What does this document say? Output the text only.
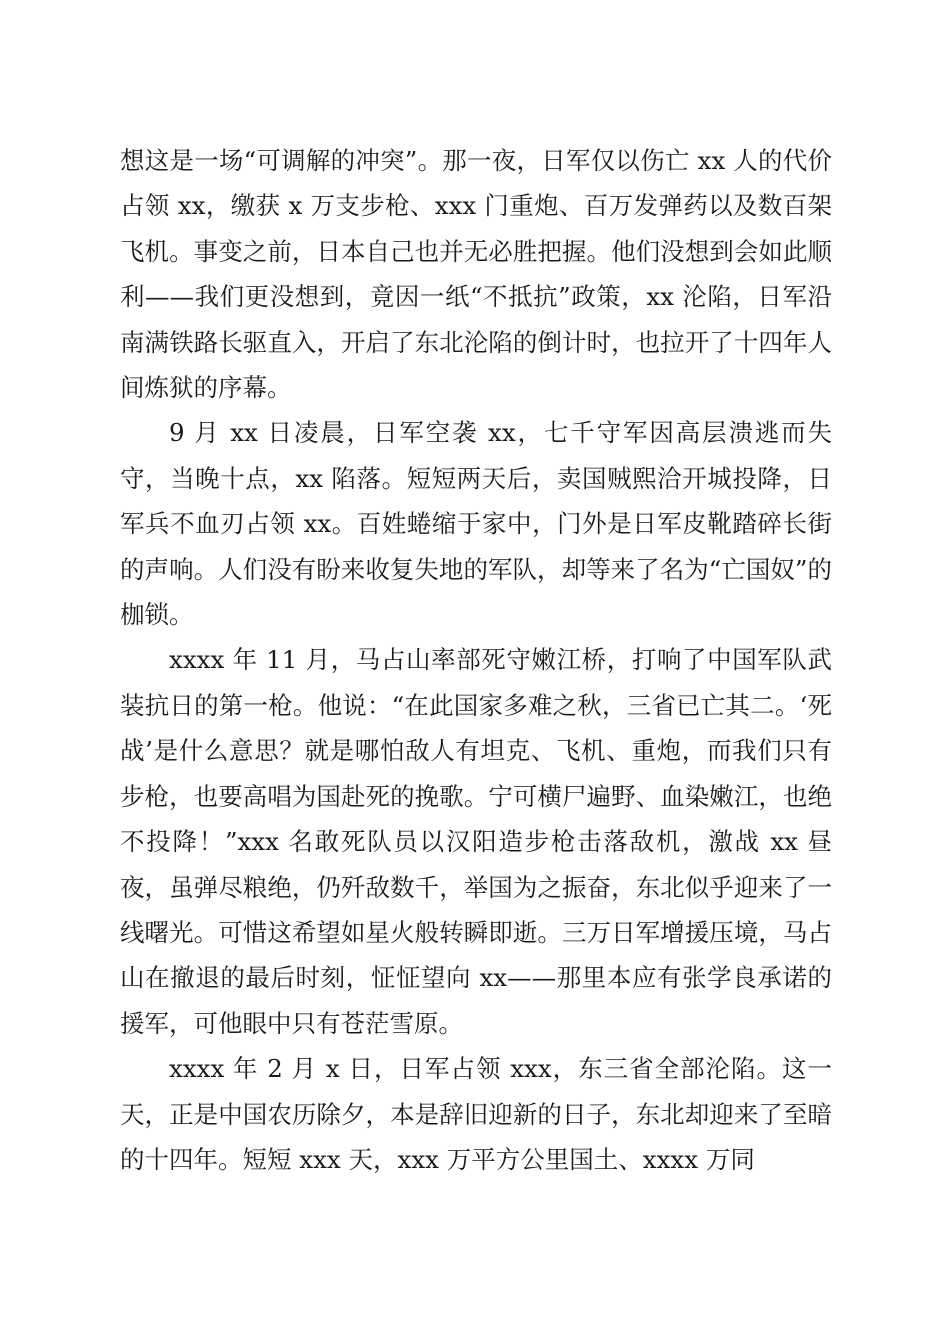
想这是一场“可调解的冲突”。那一夜，日军仅以伤亡 xx 人的代价占领 xx，缴获 x 万支步枪、xxx 门重炮、百万发弹药以及数百架飞机。事变之前，日本自己也并无必胜把握。他们没想到会如此顺利——我们更没想到，竟因一纸“不抵抗”政策，xx 沦陷，日军沿南满铁路长驱直入，开启了东北沦陷的倒计时，也拉开了十四年人间炼狱的序幕。

9 月 xx 日凌晨，日军空袭 xx，七千守军因高层溃逃而失守，当晚十点，xx 陷落。短短两天后，卖国贼熙洽开城投降，日军兵不血刃占领 xx。百姓蜷缩于家中，门外是日军皮靴踏碎长街的声响。人们没有盼来收复失地的军队，却等来了名为“亡国奴”的枷锁。

xxxx 年 11 月，马占山率部死守嫩江桥，打响了中国军队武装抗日的第一枪。他说：“在此国家多难之秋，三省已亡其二。‘死战’是什么意思？就是哪怕敌人有坦克、飞机、重炮，而我们只有步枪，也要高唱为国赴死的挽歌。宁可横尸遍野、血染嫩江，也绝不投降！”xxx 名敢死队员以汉阳造步枪击落敌机，激战 xx 昼夜，虽弹尽粮绝，仍歼敌数千，举国为之振奋，东北似乎迎来了一线曙光。可惜这希望如星火般转瞬即逝。三万日军增援压境，马占山在撤退的最后时刻，怔怔望向 xx——那里本应有张学良承诺的援军，可他眼中只有苍茫雪原。

xxxx 年 2 月 x 日，日军占领 xxx，东三省全部沦陷。这一天，正是中国农历除夕，本是辞旧迎新的日子，东北却迎来了至暗的十四年。短短 xxx 天，xxx 万平方公里国土、xxxx 万同
